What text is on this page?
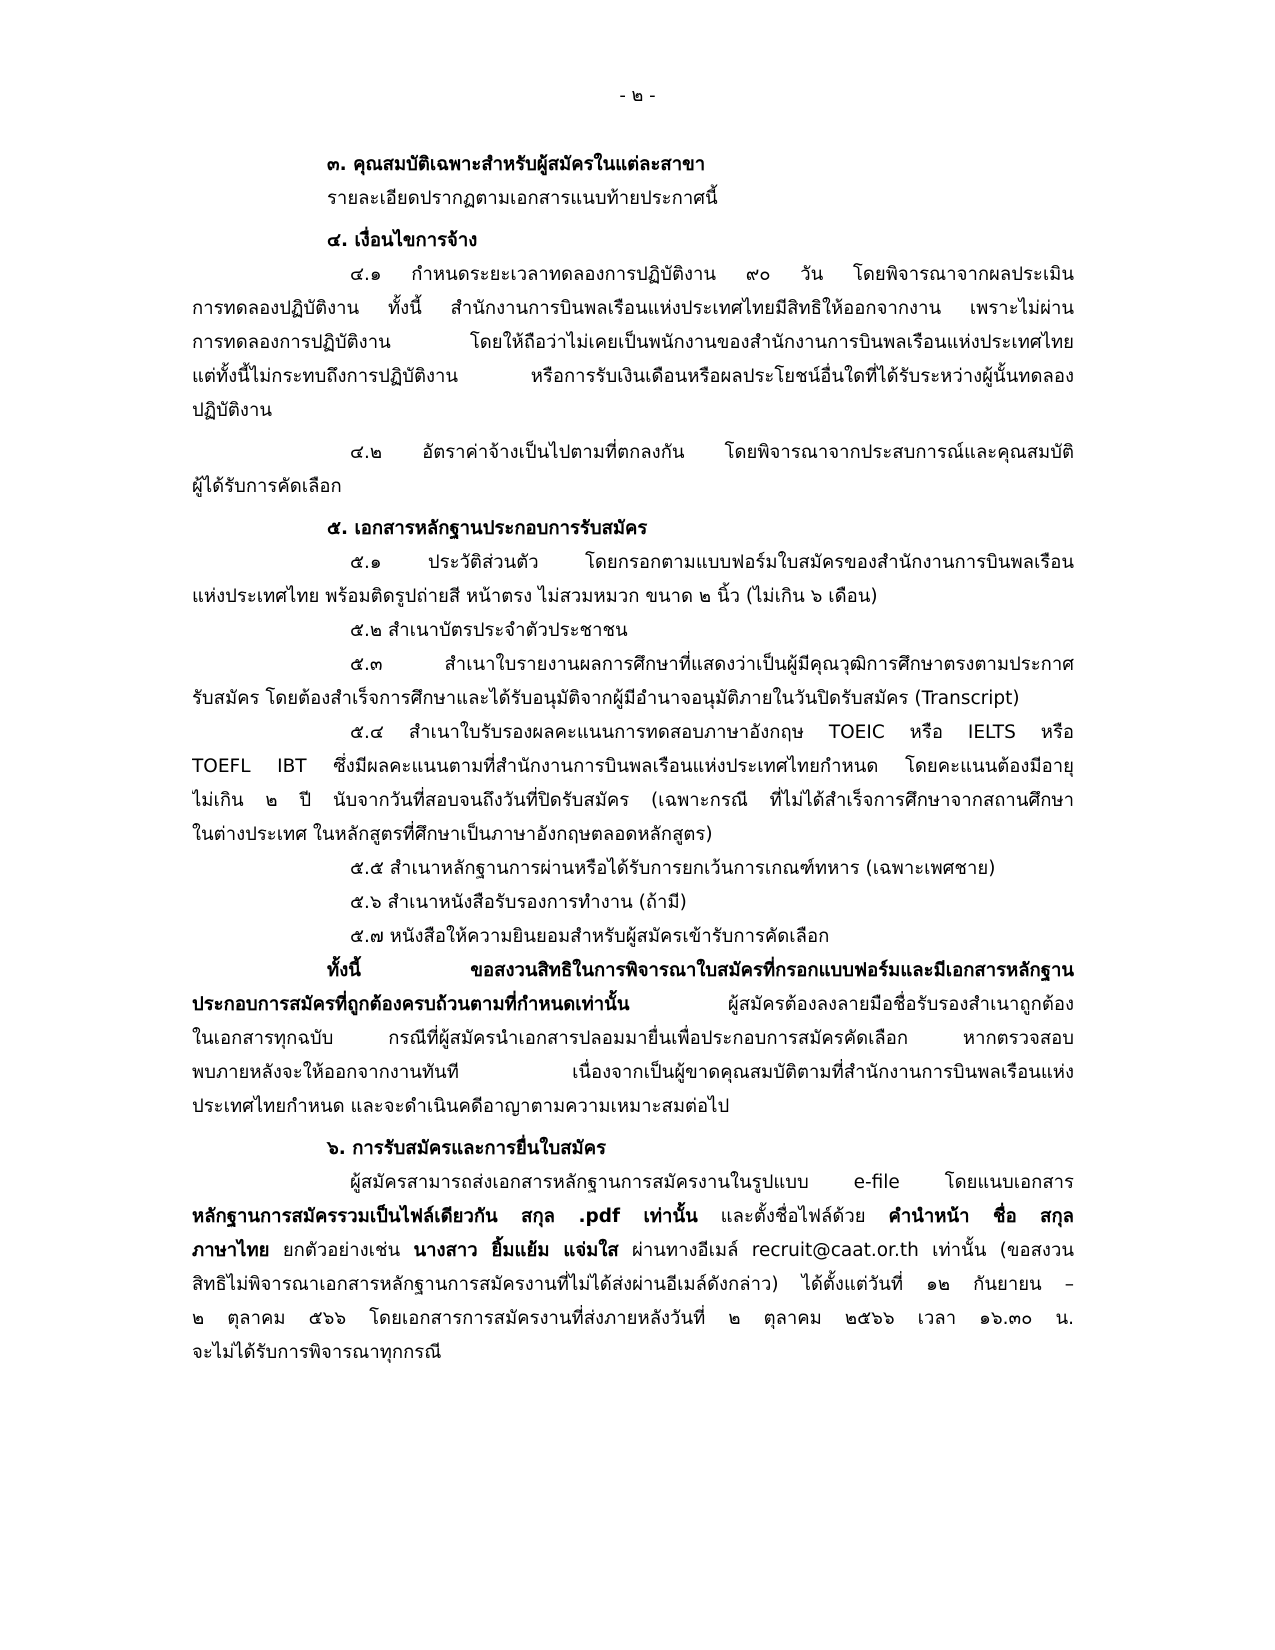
- ๒ -
๓. คุณสมบัติเฉพาะสำหรับผู้สมัครในแต่ละสาขา
รายละเอียดปรากฏตามเอกสารแนบท้ายประกาศนี้
๔. เงื่อนไขการจ้าง
๔.๑ กำหนดระยะเวลาทดลองการปฏิบัติงาน ๙๐ วัน โดยพิจารณาจากผลประเมิน
การทดลองปฏิบัติงาน ทั้งนี้ สำนักงานการบินพลเรือนแห่งประเทศไทยมีสิทธิให้ออกจากงาน เพราะไม่ผ่าน
การทดลองการปฏิบัติงาน โดยให้ถือว่าไม่เคยเป็นพนักงานของสำนักงานการบินพลเรือนแห่งประเทศไทย
แต่ทั้งนี้ไม่กระทบถึงการปฏิบัติงาน หรือการรับเงินเดือนหรือผลประโยชน์อื่นใดที่ได้รับระหว่างผู้นั้นทดลอง
ปฏิบัติงาน
๔.๒ อัตราค่าจ้างเป็นไปตามที่ตกลงกัน โดยพิจารณาจากประสบการณ์และคุณสมบัติ
ผู้ได้รับการคัดเลือก
๕. เอกสารหลักฐานประกอบการรับสมัคร
๕.๑ ประวัติส่วนตัว โดยกรอกตามแบบฟอร์มใบสมัครของสำนักงานการบินพลเรือน
แห่งประเทศไทย พร้อมติดรูปถ่ายสี หน้าตรง ไม่สวมหมวก ขนาด ๒ นิ้ว (ไม่เกิน ๖ เดือน)
๕.๒ สำเนาบัตรประจำตัวประชาชน
๕.๓ สำเนาใบรายงานผลการศึกษาที่แสดงว่าเป็นผู้มีคุณวุฒิการศึกษาตรงตามประกาศ
รับสมัคร โดยต้องสำเร็จการศึกษาและได้รับอนุมัติจากผู้มีอำนาจอนุมัติภายในวันปิดรับสมัคร (Transcript)
๕.๔ สำเนาใบรับรองผลคะแนนการทดสอบภาษาอังกฤษ TOEIC หรือ IELTS หรือ
TOEFL IBT ซึ่งมีผลคะแนนตามที่สำนักงานการบินพลเรือนแห่งประเทศไทยกำหนด โดยคะแนนต้องมีอายุ
ไม่เกิน ๒ ปี นับจากวันที่สอบจนถึงวันที่ปิดรับสมัคร (เฉพาะกรณี ที่ไม่ได้สำเร็จการศึกษาจากสถานศึกษา
ในต่างประเทศ ในหลักสูตรที่ศึกษาเป็นภาษาอังกฤษตลอดหลักสูตร)
๕.๕ สำเนาหลักฐานการผ่านหรือได้รับการยกเว้นการเกณฑ์ทหาร (เฉพาะเพศชาย)
๕.๖ สำเนาหนังสือรับรองการทำงาน (ถ้ามี)
๕.๗ หนังสือให้ความยินยอมสำหรับผู้สมัครเข้ารับการคัดเลือก
ทั้งนี้ ขอสงวนสิทธิในการพิจารณาใบสมัครที่กรอกแบบฟอร์มและมีเอกสารหลักฐาน
ประกอบการสมัครที่ถูกต้องครบถ้วนตามที่กำหนดเท่านั้น ผู้สมัครต้องลงลายมือชื่อรับรองสำเนาถูกต้อง
ในเอกสารทุกฉบับ กรณีที่ผู้สมัครนำเอกสารปลอมมายื่นเพื่อประกอบการสมัครคัดเลือก หากตรวจสอบ
พบภายหลังจะให้ออกจากงานทันที เนื่องจากเป็นผู้ขาดคุณสมบัติตามที่สำนักงานการบินพลเรือนแห่ง
ประเทศไทยกำหนด และจะดำเนินคดีอาญาตามความเหมาะสมต่อไป
๖. การรับสมัครและการยื่นใบสมัคร
ผู้สมัครสามารถส่งเอกสารหลักฐานการสมัครงานในรูปแบบ e-file โดยแนบเอกสาร
หลักฐานการสมัครรวมเป็นไฟล์เดียวกัน สกุล .pdf เท่านั้น และตั้งชื่อไฟล์ด้วย คำนำหน้า ชื่อ สกุล
ภาษาไทย ยกตัวอย่างเช่น นางสาว ยิ้มแย้ม แจ่มใส ผ่านทางอีเมล์ recruit@caat.or.th เท่านั้น (ขอสงวน
สิทธิไม่พิจารณาเอกสารหลักฐานการสมัครงานที่ไม่ได้ส่งผ่านอีเมล์ดังกล่าว) ได้ตั้งแต่วันที่ ๑๒ กันยายน –
๒ ตุลาคม ๕๖๖ โดยเอกสารการสมัครงานที่ส่งภายหลังวันที่ ๒ ตุลาคม ๒๕๖๖ เวลา ๑๖.๓๐ น.
จะไม่ได้รับการพิจารณาทุกกรณี
